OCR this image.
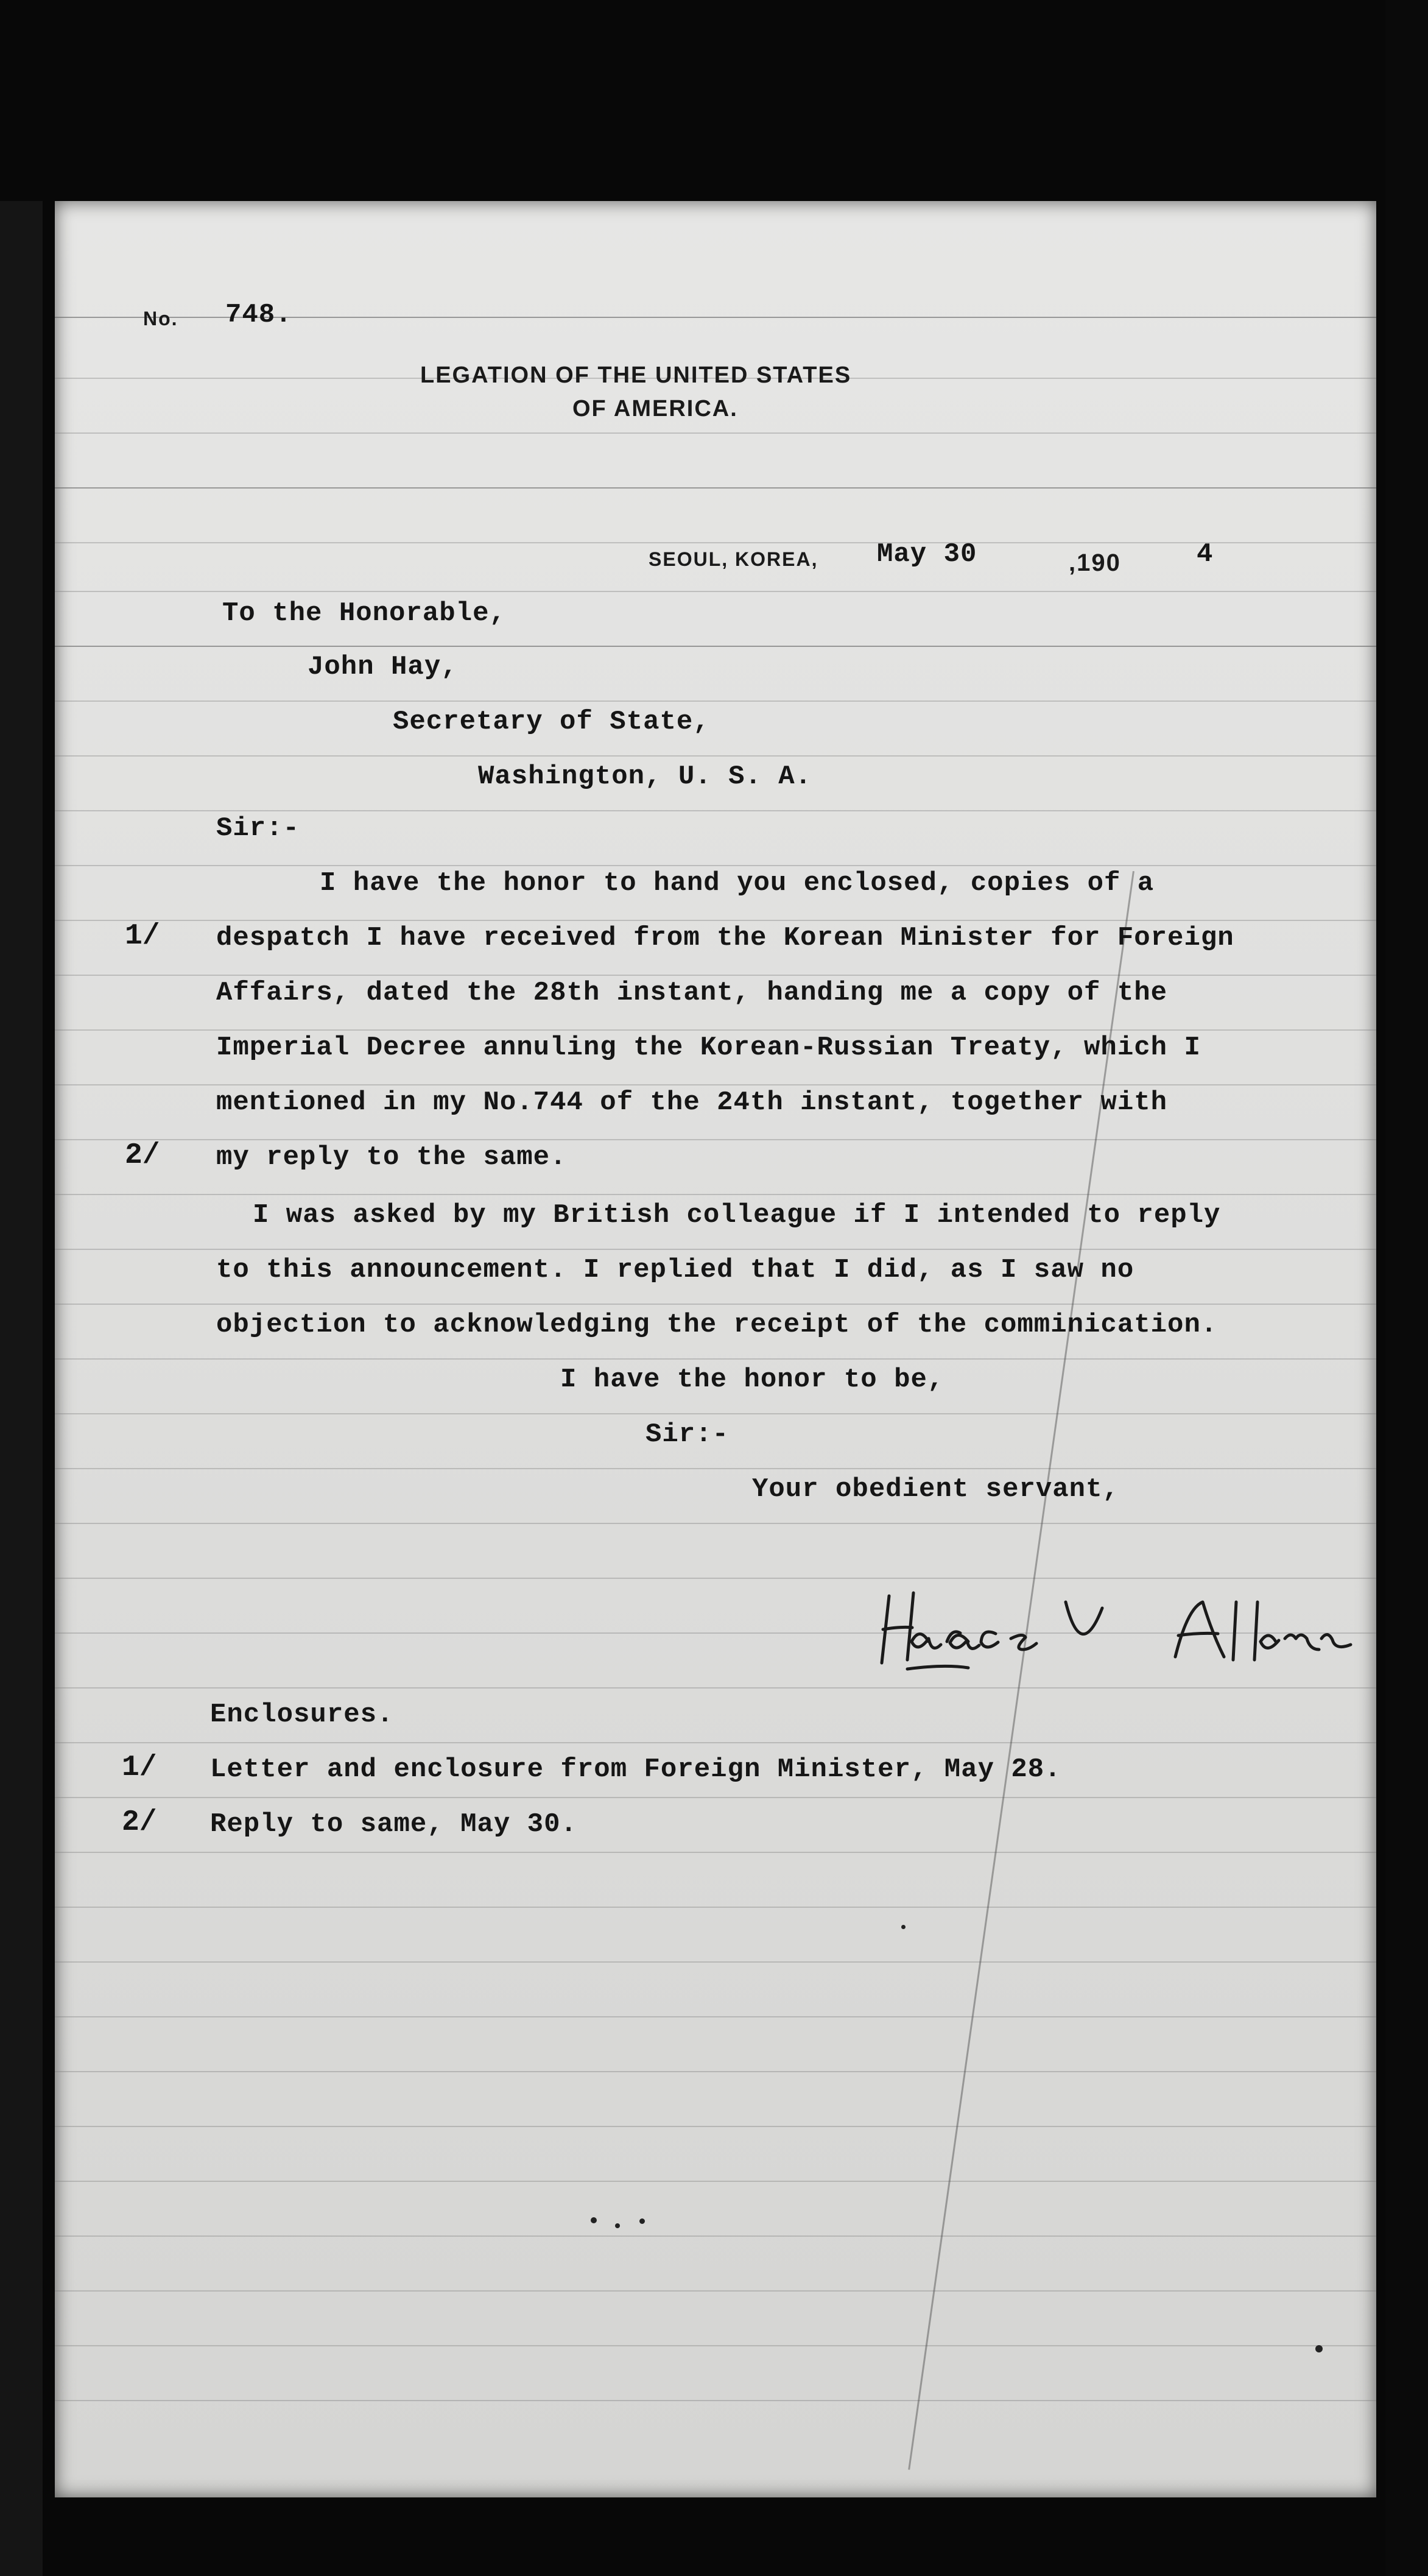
No. 748.
LEGATION OF THE UNITED STATES
OF AMERICA.
SEOUL, KOREA, May 30	,190	4
To the Honorable,
John Hay,
Secretary of State,
Washington, U. S. A.
Sir:-
I have the honor to hand you enclosed, copies of a
1/ despatch I have received from the Korean Minister for Foreign
Affairs, dated the 28th instant, handing me a copy of the
Imperial Decree annuling the Korean-Russian Treaty, which I
mentioned in my No.744 of the 24th instant, together with
2/ my reply to the same.
I was asked by my British colleague if I intended to reply
to this announcement. I replied that I did, as I saw no
objection to acknowledging the receipt of the comminication.
I have the honor to be,
Sir:-
Your obedient servant,
Enclosures.
1/ Letter and enclosure from Foreign Minister, May 28.
2/ Reply to same, May 30.
